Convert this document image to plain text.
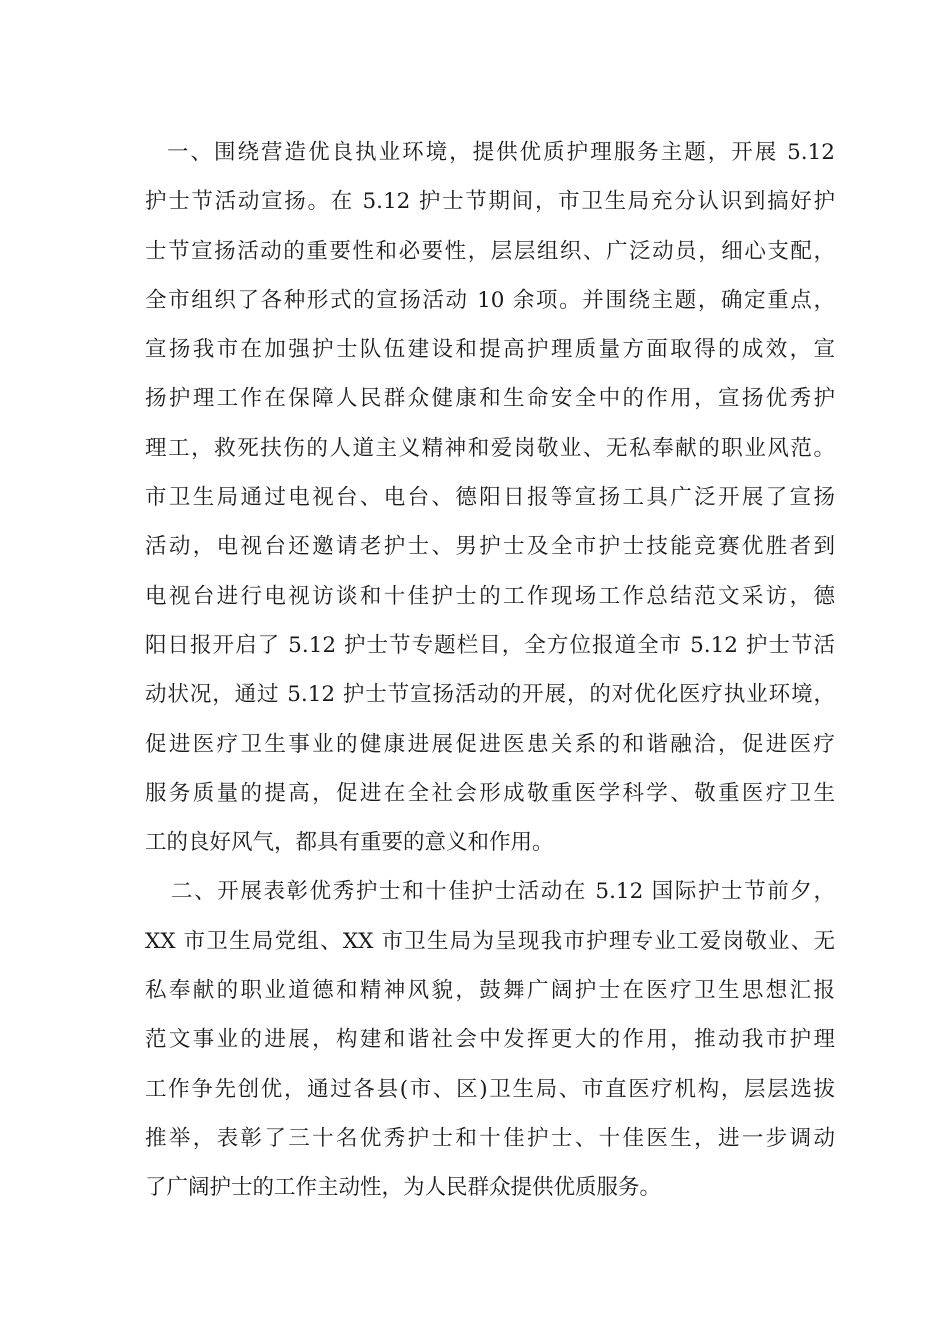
一、围绕营造优良执业环境，提供优质护理服务主题，开展 5.12
护士节活动宣扬。在 5.12 护士节期间，市卫生局充分认识到搞好护
士节宣扬活动的重要性和必要性，层层组织、广泛动员，细心支配，
全市组织了各种形式的宣扬活动 10 余项。并围绕主题，确定重点，
宣扬我市在加强护士队伍建设和提高护理质量方面取得的成效，宣
扬护理工作在保障人民群众健康和生命安全中的作用，宣扬优秀护
理工，救死扶伤的人道主义精神和爱岗敬业、无私奉献的职业风范。
市卫生局通过电视台、电台、德阳日报等宣扬工具广泛开展了宣扬
活动，电视台还邀请老护士、男护士及全市护士技能竞赛优胜者到
电视台进行电视访谈和十佳护士的工作现场工作总结范文采访，德
阳日报开启了 5.12 护士节专题栏目，全方位报道全市 5.12 护士节活
动状况，通过 5.12 护士节宣扬活动的开展，的对优化医疗执业环境，
促进医疗卫生事业的健康进展促进医患关系的和谐融洽，促进医疗
服务质量的提高，促进在全社会形成敬重医学科学、敬重医疗卫生
工的良好风气，都具有重要的意义和作用。
二、开展表彰优秀护士和十佳护士活动在 5.12 国际护士节前夕，
XX 市卫生局党组、XX 市卫生局为呈现我市护理专业工爱岗敬业、无
私奉献的职业道德和精神风貌，鼓舞广阔护士在医疗卫生思想汇报
范文事业的进展，构建和谐社会中发挥更大的作用，推动我市护理
工作争先创优，通过各县(市、区)卫生局、市直医疗机构，层层选拔
推举，表彰了三十名优秀护士和十佳护士、十佳医生，进一步调动
了广阔护士的工作主动性，为人民群众提供优质服务。
